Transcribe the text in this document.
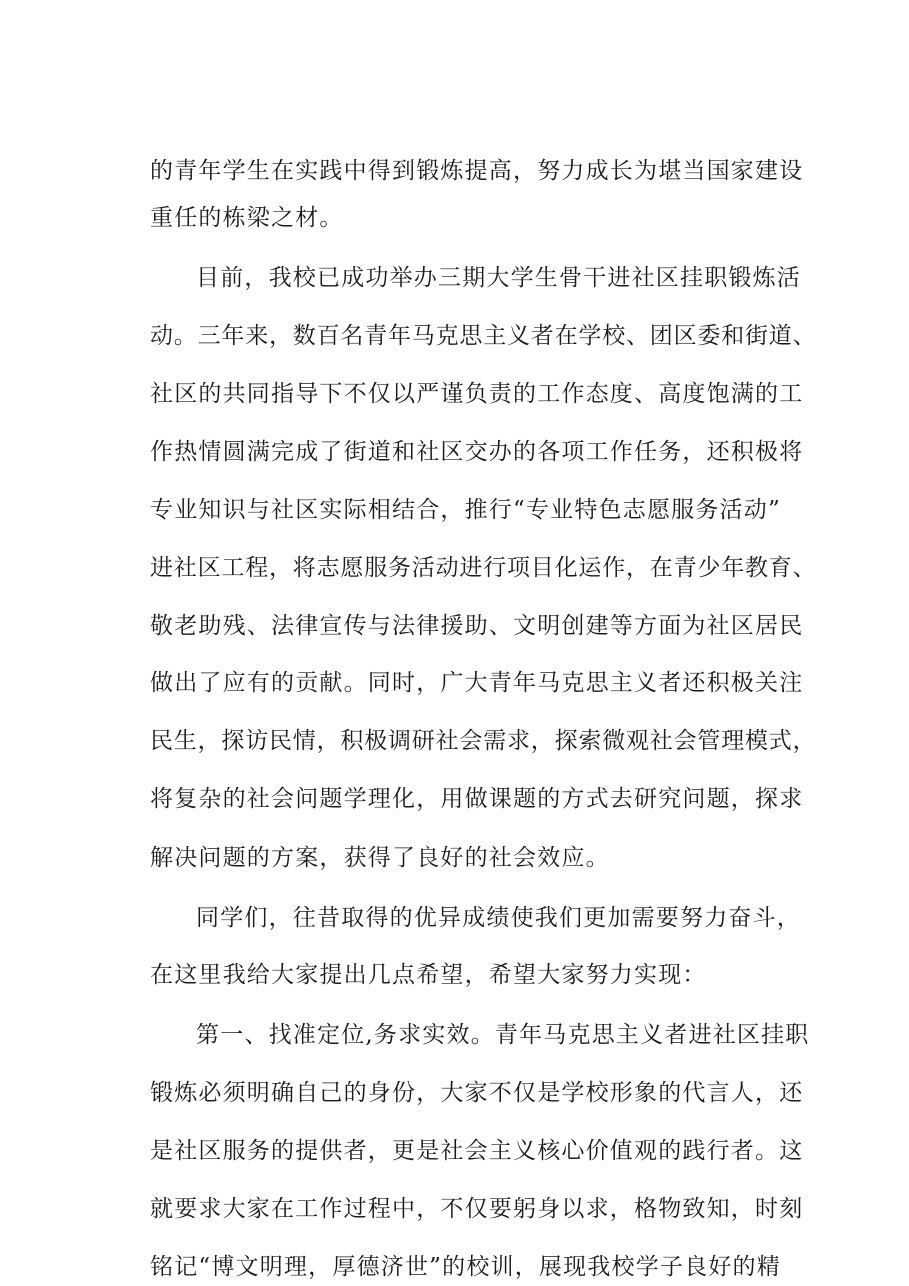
的青年学生在实践中得到锻炼提高，努力成长为堪当国家建设
重任的栋梁之材。
目前，我校已成功举办三期大学生骨干进社区挂职锻炼活
动。三年来，数百名青年马克思主义者在学校、团区委和街道、
社区的共同指导下不仅以严谨负责的工作态度、高度饱满的工
作热情圆满完成了街道和社区交办的各项工作任务，还积极将
专业知识与社区实际相结合，推行“专业特色志愿服务活动”
进社区工程，将志愿服务活动进行项目化运作，在青少年教育、
敬老助残、法律宣传与法律援助、文明创建等方面为社区居民
做出了应有的贡献。同时，广大青年马克思主义者还积极关注
民生，探访民情，积极调研社会需求，探索微观社会管理模式，
将复杂的社会问题学理化，用做课题的方式去研究问题，探求
解决问题的方案，获得了良好的社会效应。
同学们，往昔取得的优异成绩使我们更加需要努力奋斗，
在这里我给大家提出几点希望，希望大家努力实现：
第一、找准定位,务求实效。青年马克思主义者进社区挂职
锻炼必须明确自己的身份，大家不仅是学校形象的代言人，还
是社区服务的提供者，更是社会主义核心价值观的践行者。这
就要求大家在工作过程中，不仅要躬身以求，格物致知，时刻
铭记“博文明理，厚德济世”的校训，展现我校学子良好的精
